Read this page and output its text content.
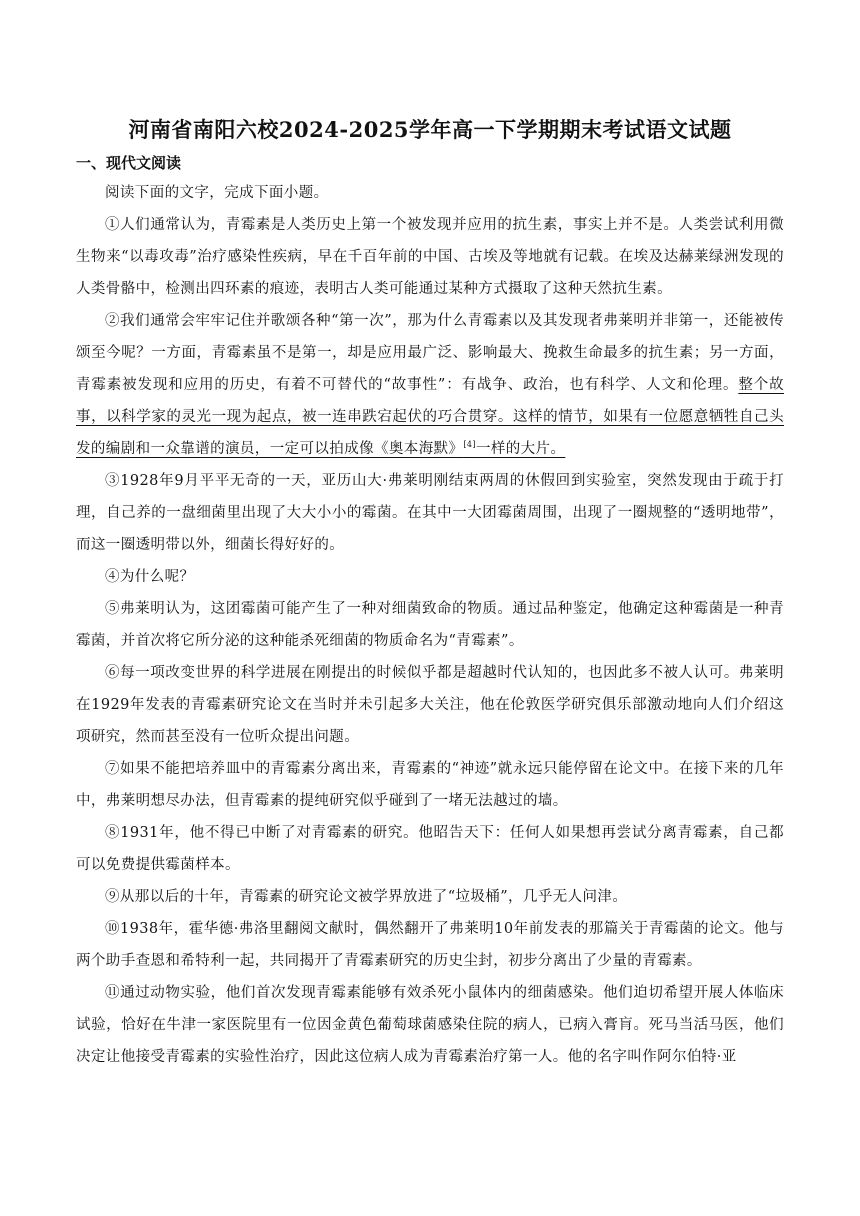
河南省南阳六校2024-2025学年高一下学期期末考试语文试题
一、现代文阅读

阅读下面的文字，完成下面小题。

①人们通常认为，青霉素是人类历史上第一个被发现并应用的抗生素，事实上并不是。人类尝试利用微生物来“以毒攻毒”治疗感染性疾病，早在千百年前的中国、古埃及等地就有记载。在埃及达赫莱绿洲发现的人类骨骼中，检测出四环素的痕迹，表明古人类可能通过某种方式摄取了这种天然抗生素。

②我们通常会牢牢记住并歌颂各种“第一次”，那为什么青霉素以及其发现者弗莱明并非第一，还能被传颂至今呢？一方面，青霉素虽不是第一，却是应用最广泛、影响最大、挽救生命最多的抗生素；另一方面，青霉素被发现和应用的历史，有着不可替代的“故事性”：有战争、政治，也有科学、人文和伦理。整个故事，以科学家的灵光一现为起点，被一连串跌宕起伏的巧合贯穿。这样的情节，如果有一位愿意牺牲自己头发的编剧和一众靠谱的演员，一定可以拍成像《奥本海默》[4]一样的大片。

③1928年9月平平无奇的一天，亚历山大·弗莱明刚结束两周的休假回到实验室，突然发现由于疏于打理，自己养的一盘细菌里出现了大大小小的霉菌。在其中一大团霉菌周围，出现了一圈规整的“透明地带”，而这一圈透明带以外，细菌长得好好的。

④为什么呢？

⑤弗莱明认为，这团霉菌可能产生了一种对细菌致命的物质。通过品种鉴定，他确定这种霉菌是一种青霉菌，并首次将它所分泌的这种能杀死细菌的物质命名为“青霉素”。

⑥每一项改变世界的科学进展在刚提出的时候似乎都是超越时代认知的，也因此多不被人认可。弗莱明在1929年发表的青霉素研究论文在当时并未引起多大关注，他在伦敦医学研究俱乐部激动地向人们介绍这项研究，然而甚至没有一位听众提出问题。

⑦如果不能把培养皿中的青霉素分离出来，青霉素的“神迹”就永远只能停留在论文中。在接下来的几年中，弗莱明想尽办法，但青霉素的提纯研究似乎碰到了一堵无法越过的墙。

⑧1931年，他不得已中断了对青霉素的研究。他昭告天下：任何人如果想再尝试分离青霉素，自己都可以免费提供霉菌样本。

⑨从那以后的十年，青霉素的研究论文被学界放进了“垃圾桶”，几乎无人问津。

⑩1938年，霍华德·弗洛里翻阅文献时，偶然翻开了弗莱明10年前发表的那篇关于青霉菌的论文。他与两个助手查恩和希特利一起，共同揭开了青霉素研究的历史尘封，初步分离出了少量的青霉素。

⑪通过动物实验，他们首次发现青霉素能够有效杀死小鼠体内的细菌感染。他们迫切希望开展人体临床试验，恰好在牛津一家医院里有一位因金黄色葡萄球菌感染住院的病人，已病入膏肓。死马当活马医，他们决定让他接受青霉素的实验性治疗，因此这位病人成为青霉素治疗第一人。他的名字叫作阿尔伯特·亚
